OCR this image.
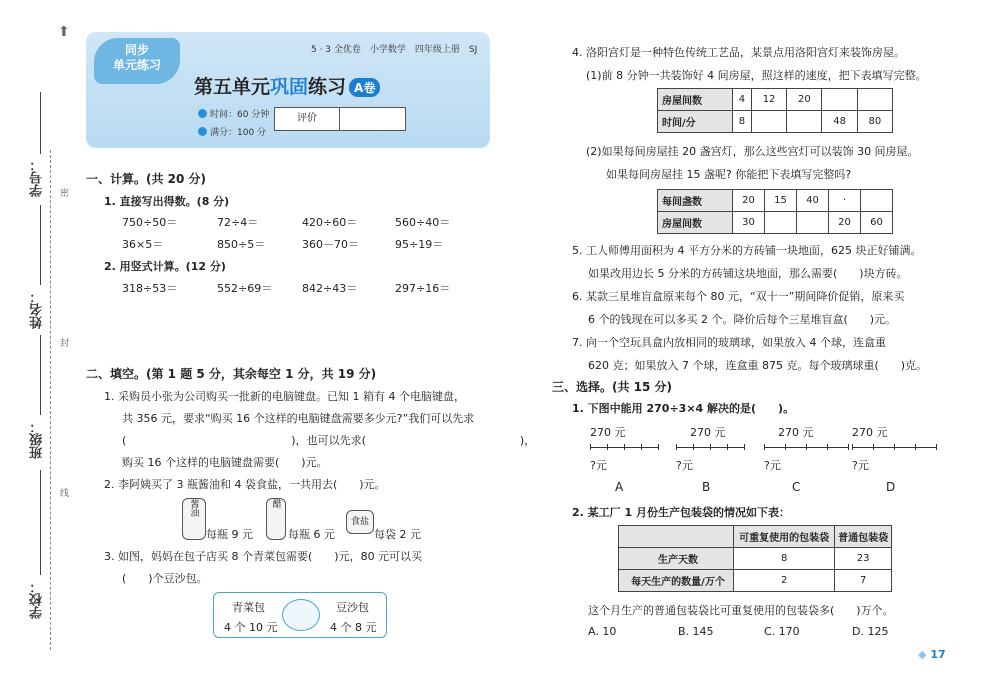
⬆
学号：
姓名：
班级：
学校：
密
封
线
同步
单元练习
5 · 3 全优卷　小学数学　四年级上册　SJ
第五单元巩固练习 A卷
时间：60 分钟
满分：100 分
评价
一、计算。(共 20 分)
1. 直接写出得数。(8 分)
750÷50＝	72÷4＝	420÷60＝	560÷40＝
36×5＝	850÷5＝	360－70＝	95÷19＝
2. 用竖式计算。(12 分)
318÷53＝	552÷69＝	842÷43＝	297÷16＝
二、填空。(第 1 题 5 分，其余每空 1 分，共 19 分)
1. 采购员小张为公司购买一批新的电脑键盘。已知 1 箱有 4 个电脑键盘，
共 356 元，要求“购买 16 个这样的电脑键盘需要多少元?”我们可以先求
(　　　　　　　　　　　　　　　)，也可以先求(　　　　　　　　　　　　　　)，
购买 16 个这样的电脑键盘需要(　　)元。
2. 李阿姨买了 3 瓶酱油和 4 袋食盐，一共用去(　　)元。
酱油
每瓶 9 元
醋
每瓶 6 元
食盐
每袋 2 元
3. 如图，妈妈在包子店买 8 个青菜包需要(　　)元，80 元可以买
(　　)个豆沙包。
青菜包
4 个 10 元
豆沙包
4 个 8 元
4. 洛阳宫灯是一种特色传统工艺品，某景点用洛阳宫灯来装饰房屋。
(1)前 8 分钟一共装饰好 4 间房屋，照这样的速度，把下表填写完整。
房屋间数	4	12	20		
时间/分	8			48	80
(2)如果每间房屋挂 20 盏宫灯，那么这些宫灯可以装饰 30 间房屋。
如果每间房屋挂 15 盏呢? 你能把下表填写完整吗?
每间盏数	20	15	40	·	
房屋间数	30			20	60
5. 工人师傅用面积为 4 平方分米的方砖铺一块地面，625 块正好铺满。
如果改用边长 5 分米的方砖铺这块地面，那么需要(　　)块方砖。
6. 某款三星堆盲盒原来每个 80 元，“双十一”期间降价促销，原来买
6 个的钱现在可以多买 2 个。降价后每个三星堆盲盒(　　)元。
7. 向一个空玩具盒内放相同的玻璃球，如果放入 4 个球，连盒重
620 克；如果放入 7 个球，连盒重 875 克。每个玻璃球重(　　)克。
三、选择。(共 15 分)
1. 下图中能用 270÷3×4 解决的是(　　)。
270 元
?元
A
270 元
?元
B
270 元
?元
C
270 元
?元
D
2. 某工厂 1 月份生产包装袋的情况如下表：
	可重复使用的包装袋	普通包装袋
生产天数	8	23
每天生产的数量/万个	2	7
这个月生产的普通包装袋比可重复使用的包装袋多(　　)万个。
A. 10	B. 145	C. 170	D. 125
◆ 17
